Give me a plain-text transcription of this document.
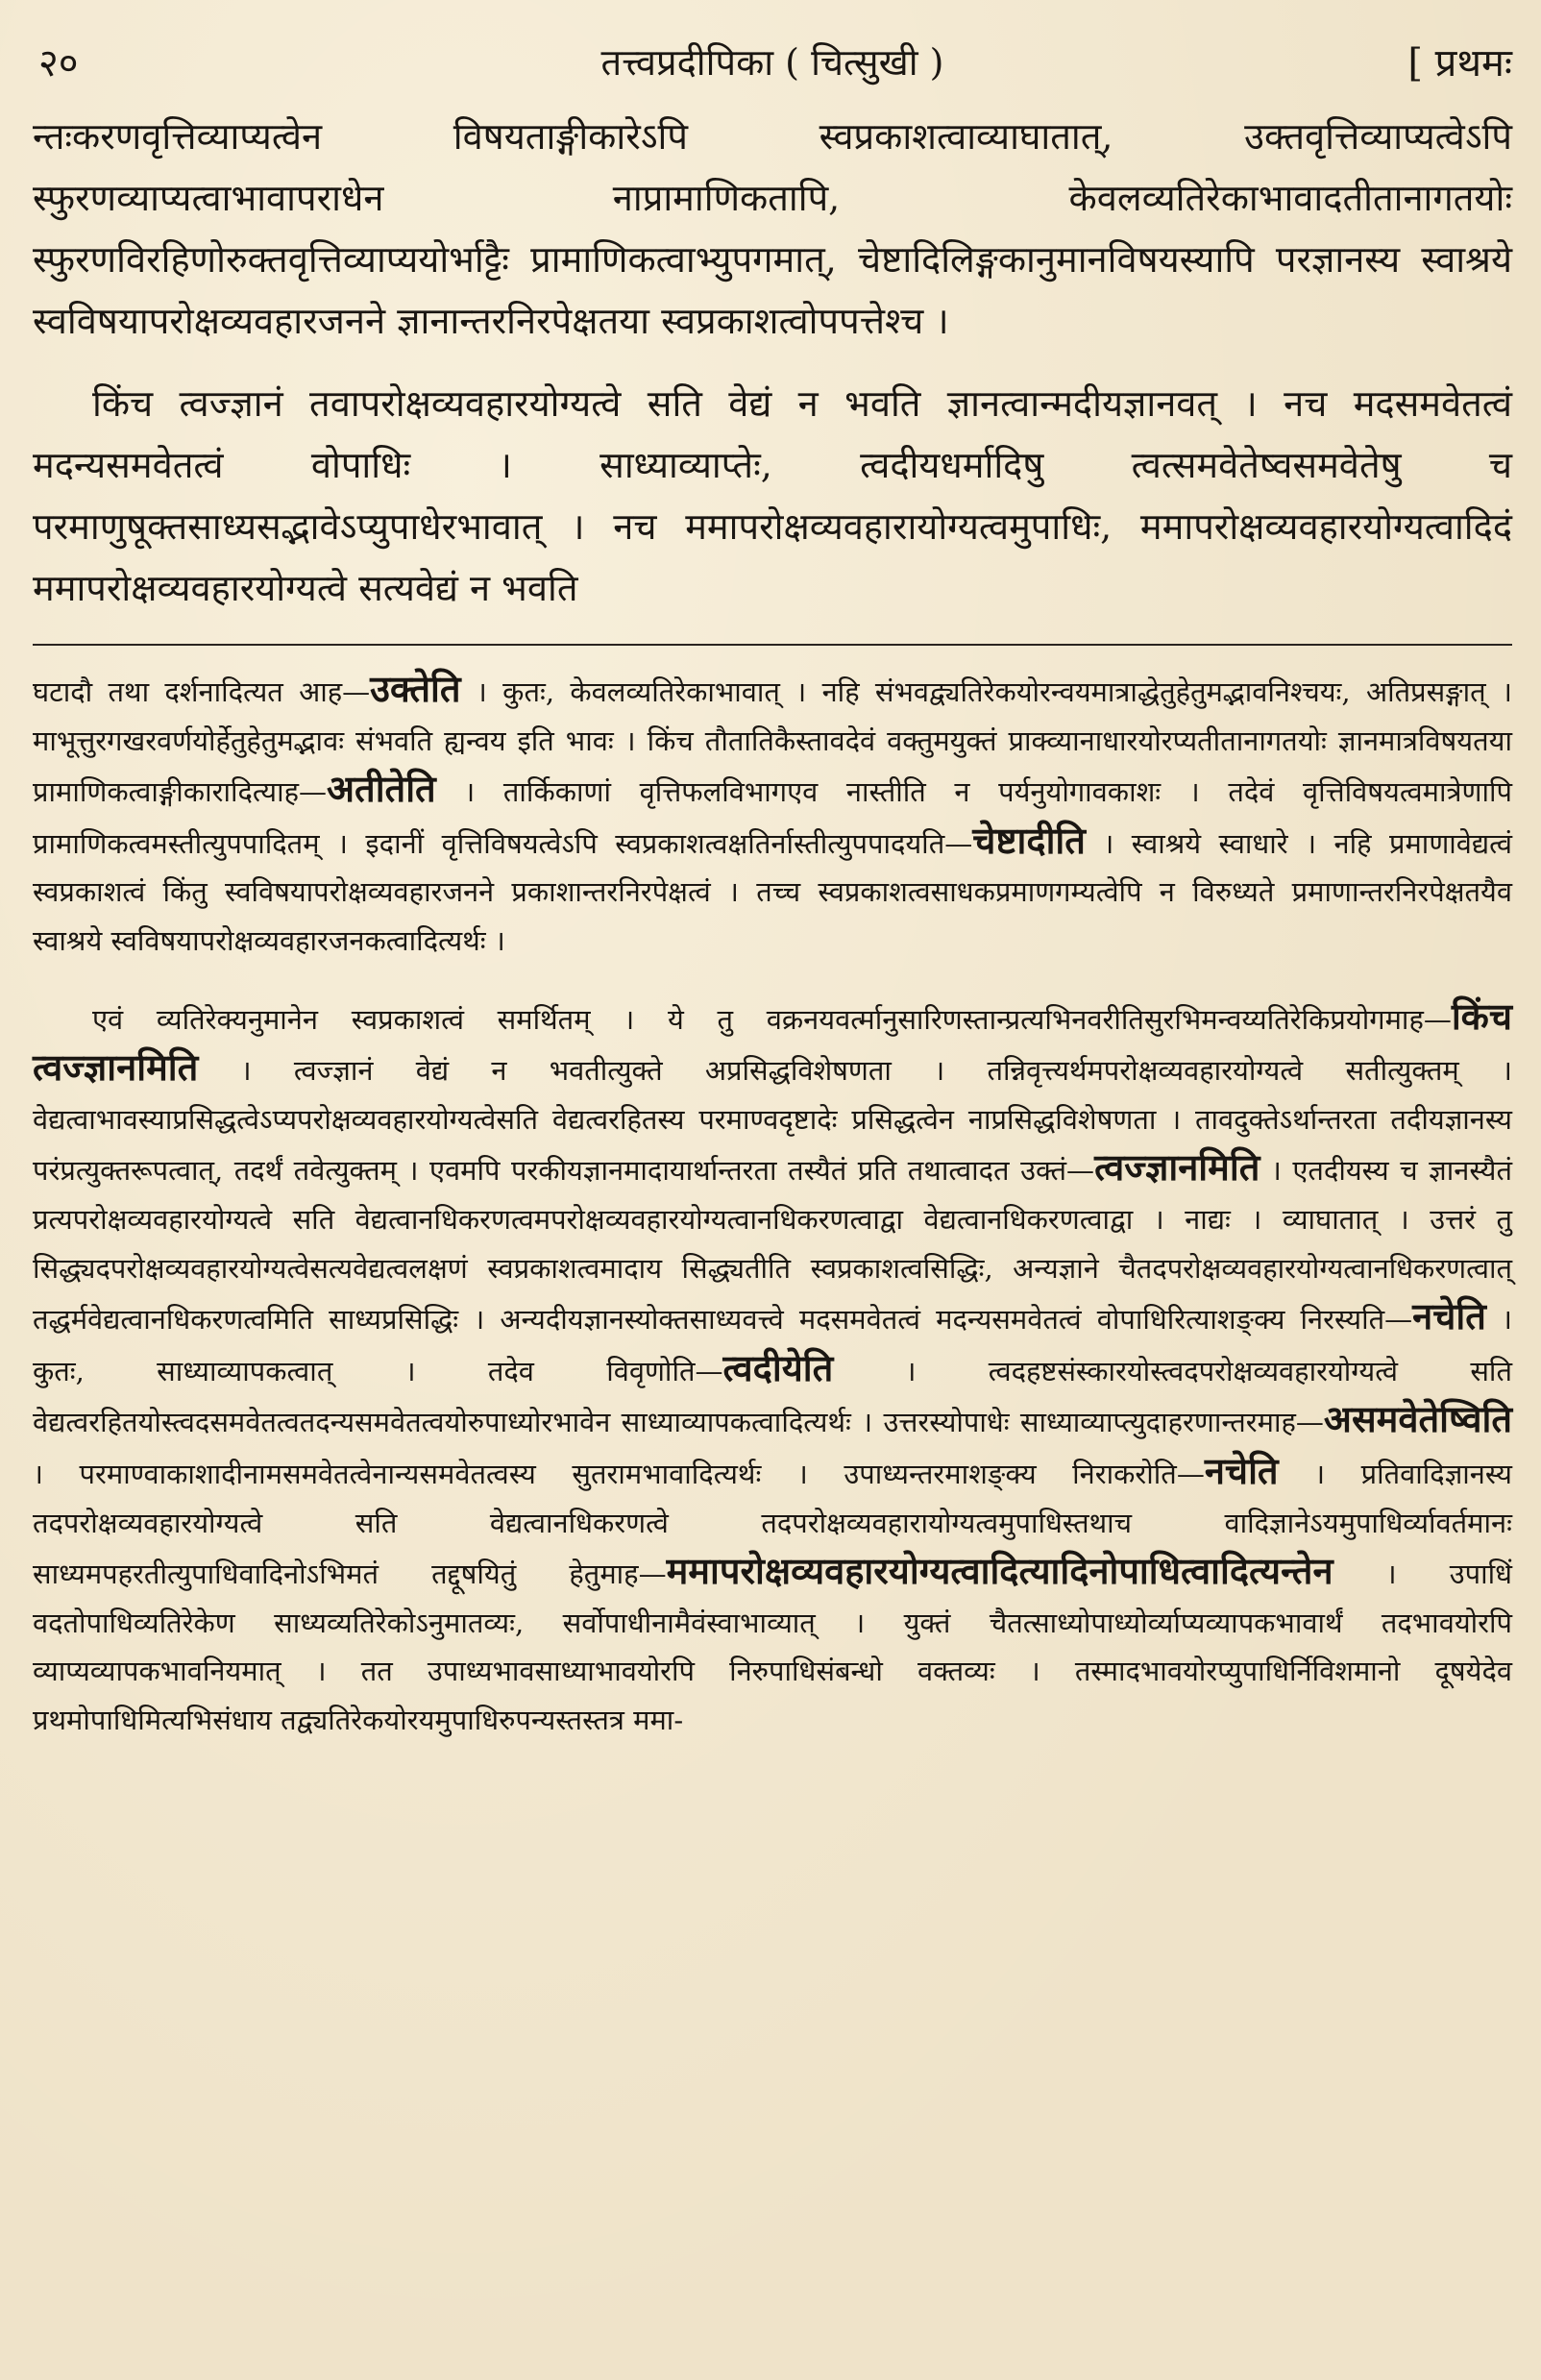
२०	तत्त्वप्रदीपिका ( चित्सुखी )	[ प्रथमः

न्तःकरणवृत्तिव्याप्यत्वेन विषयताङ्गीकारेऽपि स्वप्रकाशत्वाव्याघातात्, उक्तवृत्तिव्याप्यत्वेऽपि स्फुरणव्याप्यत्वाभावापराधेन नाप्रामाणिकतापि, केवलव्यतिरेकाभावादतीतानागतयोः स्फुरणविरहिणोरुक्तवृत्तिव्याप्ययोर्भाट्टैः प्रामाणिकत्वाभ्युपगमात्, चेष्टादिलिङ्गकानुमानविषयस्यापि परज्ञानस्य स्वाश्रये स्वविषयापरोक्षव्यवहारजनने ज्ञानान्तरनिरपेक्षतया स्वप्रकाशत्वोपपत्तेश्च ।

किंच त्वज्ज्ञानं तवापरोक्षव्यवहारयोग्यत्वे सति वेद्यं न भवति ज्ञानत्वान्मदीयज्ञानवत् । नच मदसमवेतत्वं मदन्यसमवेतत्वं वोपाधिः । साध्याव्याप्तेः, त्वदीयधर्मादिषु त्वत्समवेतेष्वसमवेतेषु च परमाणुषूक्तसाध्यसद्भावेऽप्युपाधेरभावात् । नच ममापरोक्षव्यवहारायोग्यत्वमुपाधिः, ममापरोक्षव्यवहारयोग्यत्वादिदं ममापरोक्षव्यवहारयोग्यत्वे सत्यवेद्यं न भवति

घटादौ तथा दर्शनादित्यत आह—उक्तेति । कुतः, केवलव्यतिरेकाभावात् । नहि संभवद्व्यतिरेकयोरन्वयमात्राद्धेतुहेतुमद्भावनिश्चयः, अतिप्रसङ्गात् । माभूत्तुरगखरवर्णयोर्हेतुहेतुमद्भावः संभवति ह्यन्वय इति भावः । किंच तौतातिकैस्तावदेवं वक्तुमयुक्तं प्राक्व्यानाधारयोरप्यतीतानागतयोः ज्ञानमात्रविषयतया प्रामाणिकत्वाङ्गीकारादित्याह—अतीतेति । तार्किकाणां वृत्तिफलविभागएव नास्तीति न पर्यनुयोगावकाशः । तदेवं वृत्तिविषयत्वमात्रेणापि प्रामाणिकत्वमस्तीत्युपपादितम् । इदानीं वृत्तिविषयत्वेऽपि स्वप्रकाशत्वक्षतिर्नास्तीत्युपपादयति—चेष्टादीति । स्वाश्रये स्वाधारे । नहि प्रमाणावेद्यत्वं स्वप्रकाशत्वं किंतु स्वविषयापरोक्षव्यवहारजनने प्रकाशान्तरनिरपेक्षत्वं । तच्च स्वप्रकाशत्वसाधकप्रमाणगम्यत्वेपि न विरुध्यते प्रमाणान्तरनिरपेक्षतयैव स्वाश्रये स्वविषयापरोक्षव्यवहारजनकत्वादित्यर्थः ।

एवं व्यतिरेक्यनुमानेन स्वप्रकाशत्वं समर्थितम् । ये तु वक्रनयवर्त्मानुसारिणस्तान्प्रत्यभिनवरीतिसुरभिमन्वय्यतिरेकिप्रयोगमाह—किंच त्वज्ज्ञानमिति । त्वज्ज्ञानं वेद्यं न भवतीत्युक्ते अप्रसिद्धविशेषणता । तन्निवृत्त्यर्थमपरोक्षव्यवहारयोग्यत्वे सतीत्युक्तम् । वेद्यत्वाभावस्याप्रसिद्धत्वेऽप्यपरोक्षव्यवहारयोग्यत्वेसति वेद्यत्वरहितस्य परमाण्वदृष्टादेः प्रसिद्धत्वेन नाप्रसिद्धविशेषणता । तावदुक्तेऽर्थान्तरता तदीयज्ञानस्य परंप्रत्युक्तरूपत्वात्, तदर्थं तवेत्युक्तम् । एवमपि परकीयज्ञानमादायार्थान्तरता तस्यैतं प्रति तथात्वादत उक्तं—त्वज्ज्ञानमिति । एतदीयस्य च ज्ञानस्यैतं प्रत्यपरोक्षव्यवहारयोग्यत्वे सति वेद्यत्वानधिकरणत्वमपरोक्षव्यवहारयोग्यत्वानधिकरणत्वाद्वा वेद्यत्वानधिकरणत्वाद्वा । नाद्यः । व्याघातात् । उत्तरं तु सिद्ध्यदपरोक्षव्यवहारयोग्यत्वेसत्यवेद्यत्वलक्षणं स्वप्रकाशत्वमादाय सिद्ध्यतीति स्वप्रकाशत्वसिद्धिः, अन्यज्ञाने चैतदपरोक्षव्यवहारयोग्यत्वानधिकरणत्वात् तद्धर्मवेद्यत्वानधिकरणत्वमिति साध्यप्रसिद्धिः । अन्यदीयज्ञानस्योक्तसाध्यवत्त्वे मदसमवेतत्वं मदन्यसमवेतत्वं वोपाधिरित्याशङ्क्य निरस्यति—नचेति । कुतः, साध्याव्यापकत्वात् । तदेव विवृणोति—त्वदीयेति । त्वदहष्टसंस्कारयोस्त्वदपरोक्षव्यवहारयोग्यत्वे सति वेद्यत्वरहितयोस्त्वदसमवेतत्वतदन्यसमवेतत्वयोरुपाध्योरभावेन साध्याव्यापकत्वादित्यर्थः । उत्तरस्योपाधेः साध्याव्याप्त्युदाहरणान्तरमाह—असमवेतेष्विति । परमाण्वाकाशादीनामसमवेतत्वेनान्यसमवेतत्वस्य सुतरामभावादित्यर्थः । उपाध्यन्तरमाशङ्क्य निराकरोति—नचेति । प्रतिवादिज्ञानस्य तदपरोक्षव्यवहारयोग्यत्वे सति वेद्यत्वानधिकरणत्वे तदपरोक्षव्यवहारायोग्यत्वमुपाधिस्तथाच वादिज्ञानेऽयमुपाधिर्व्यावर्तमानः साध्यमपहरतीत्युपाधिवादिनोऽभिमतं तद्दूषयितुं हेतुमाह—ममापरोक्षव्यवहारयोग्यत्वादित्यादिनोपाधित्वादित्यन्तेन । उपाधिं वदतोपाधिव्यतिरेकेण साध्यव्यतिरेकोऽनुमातव्यः, सर्वोपाधीनामैवंस्वाभाव्यात् । युक्तं चैतत्साध्योपाध्योर्व्याप्यव्यापकभावार्थं तदभावयोरपि व्याप्यव्यापकभावनियमात् । तत उपाध्यभावसाध्याभावयोरपि निरुपाधिसंबन्धो वक्तव्यः । तस्मादभावयोरप्युपाधिर्निविशमानो दूषयेदेव प्रथमोपाधिमित्यभिसंधाय तद्व्यतिरेकयोरयमुपाधिरुपन्यस्तस्तत्र ममा-
